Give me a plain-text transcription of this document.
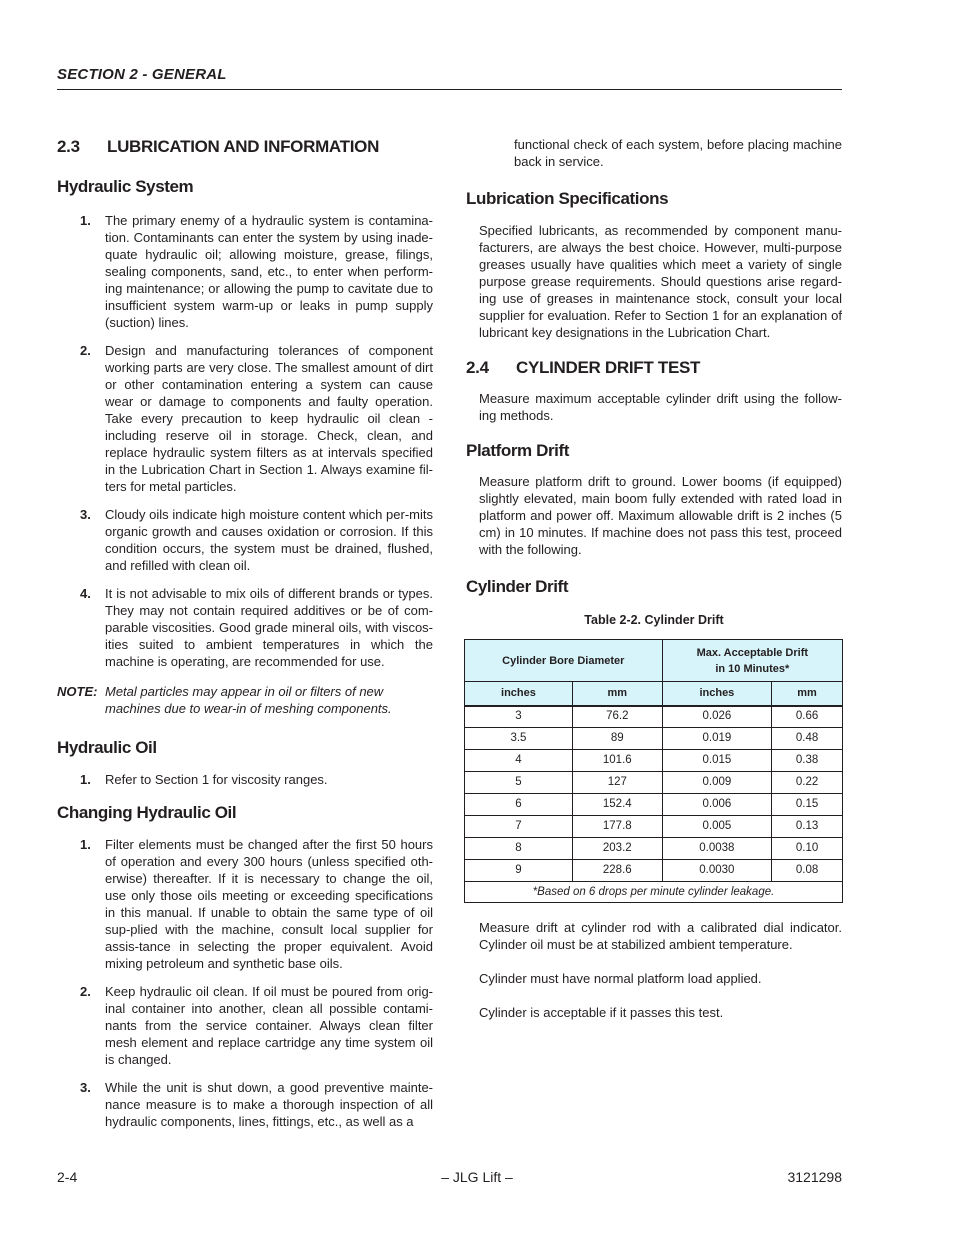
SECTION 2 - GENERAL
2.3	LUBRICATION AND INFORMATION
Hydraulic System
1.	The primary enemy of a hydraulic system is contamina-tion. Contaminants can enter the system by using inade-quate hydraulic oil; allowing moisture, grease, filings, sealing components, sand, etc., to enter when perform-ing maintenance; or allowing the pump to cavitate due to insufficient system warm-up or leaks in pump supply (suction) lines.
2.	Design and manufacturing tolerances of component working parts are very close. The smallest amount of dirt or other contamination entering a system can cause wear or damage to components and faulty operation. Take every precaution to keep hydraulic oil clean - including reserve oil in storage. Check, clean, and replace hydraulic system filters as at intervals specified in the Lubrication Chart in Section 1. Always examine fil-ters for metal particles.
3.	Cloudy oils indicate high moisture content which per-mits organic growth and causes oxidation or corrosion. If this condition occurs, the system must be drained, flushed, and refilled with clean oil.
4.	It is not advisable to mix oils of different brands or types. They may not contain required additives or be of com-parable viscosities. Good grade mineral oils, with viscos-ities suited to ambient temperatures in which the machine is operating, are recommended for use.
NOTE: Metal particles may appear in oil or filters of new machines due to wear-in of meshing components.
Hydraulic Oil
1.	Refer to Section 1 for viscosity ranges.
Changing Hydraulic Oil
1.	Filter elements must be changed after the first 50 hours of operation and every 300 hours (unless specified oth-erwise) thereafter. If it is necessary to change the oil, use only those oils meeting or exceeding specifications in this manual. If unable to obtain the same type of oil sup-plied with the machine, consult local supplier for assis-tance in selecting the proper equivalent. Avoid mixing petroleum and synthetic base oils.
2.	Keep hydraulic oil clean. If oil must be poured from orig-inal container into another, clean all possible contami-nants from the service container. Always clean filter mesh element and replace cartridge any time system oil is changed.
3.	While the unit is shut down, a good preventive mainte-nance measure is to make a thorough inspection of all hydraulic components, lines, fittings, etc., as well as a
functional check of each system, before placing machine back in service.
Lubrication Specifications
Specified lubricants, as recommended by component manu-facturers, are always the best choice. However, multi-purpose greases usually have qualities which meet a variety of single purpose grease requirements. Should questions arise regard-ing use of greases in maintenance stock, consult your local supplier for evaluation. Refer to Section 1 for an explanation of lubricant key designations in the Lubrication Chart.
2.4	CYLINDER DRIFT TEST
Measure maximum acceptable cylinder drift using the follow-ing methods.
Platform Drift
Measure platform drift to ground. Lower booms (if equipped) slightly elevated, main boom fully extended with rated load in platform and power off. Maximum allowable drift is 2 inches (5 cm) in 10 minutes. If machine does not pass this test, proceed with the following.
Cylinder Drift
Table 2-2. Cylinder Drift
Cylinder Bore Diameter		Max. Acceptable Drift
in 10 Minutes*	
inches	mm	inches	mm
3	76.2	0.026	0.66
3.5	89	0.019	0.48
4	101.6	0.015	0.38
5	127	0.009	0.22
6	152.4	0.006	0.15
7	177.8	0.005	0.13
8	203.2	0.0038	0.10
9	228.6	0.0030	0.08
*Based on 6 drops per minute cylinder leakage.			
Measure drift at cylinder rod with a calibrated dial indicator. Cylinder oil must be at stabilized ambient temperature.
Cylinder must have normal platform load applied.
Cylinder is acceptable if it passes this test.
2-4	– JLG Lift –	3121298
